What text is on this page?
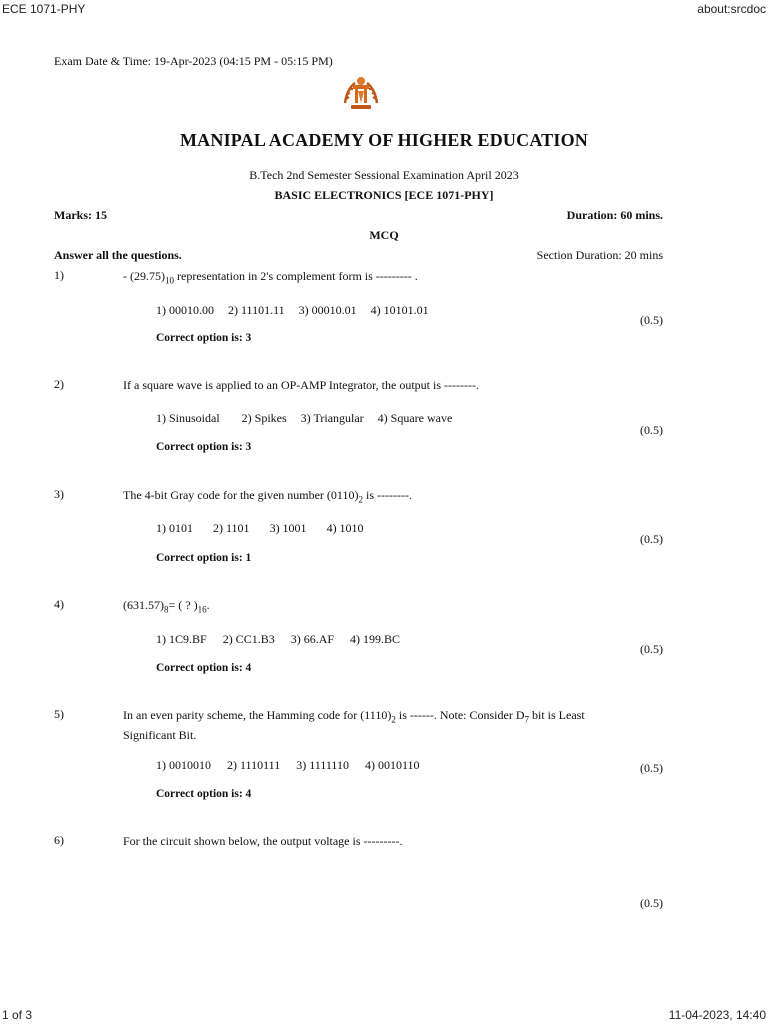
ECE 1071-PHY	about:srcdoc
1 of 3	11-04-2023, 14:40
Exam Date & Time: 19-Apr-2023 (04:15 PM - 05:15 PM)
MANIPAL ACADEMY OF HIGHER EDUCATION
B.Tech 2nd Semester Sessional Examination April 2023
BASIC ELECTRONICS [ECE 1071-PHY]
Marks: 15	Duration: 60 mins.
MCQ
Answer all the questions.	Section Duration: 20 mins
1)	- $(29.75)_{10}$ representation in 2's complement form is --------- .
1) 00010.00 2) 11101.11 3) 00010.01 4) 10101.01
Correct option is: 3
(0.5)
2)	If a square wave is applied to an OP-AMP Integrator, the output is --------.
1) Sinusoidal 2) Spikes 3) Triangular 4) Square wave
Correct option is: 3
(0.5)
3)	The 4-bit Gray code for the given number $(0110)_2$ is --------.
1) 0101 2) 1101 3) 1001 4) 1010
Correct option is: 1
(0.5)
4)	$(631.57)_8=$ ( ? )$_{16}$.
1) 1C9.BF 2) CC1.B3 3) 66.AF 4) 199.BC
Correct option is: 4
(0.5)
5)	In an even parity scheme, the Hamming code for $(1110)_2$ is ------. Note: Consider $D_7$ bit is Least Significant Bit.
1) 0010010 2) 1110111 3) 1111110 4) 0010110
Correct option is: 4
(0.5)
6)	For the circuit shown below, the output voltage is ---------.
(0.5)
